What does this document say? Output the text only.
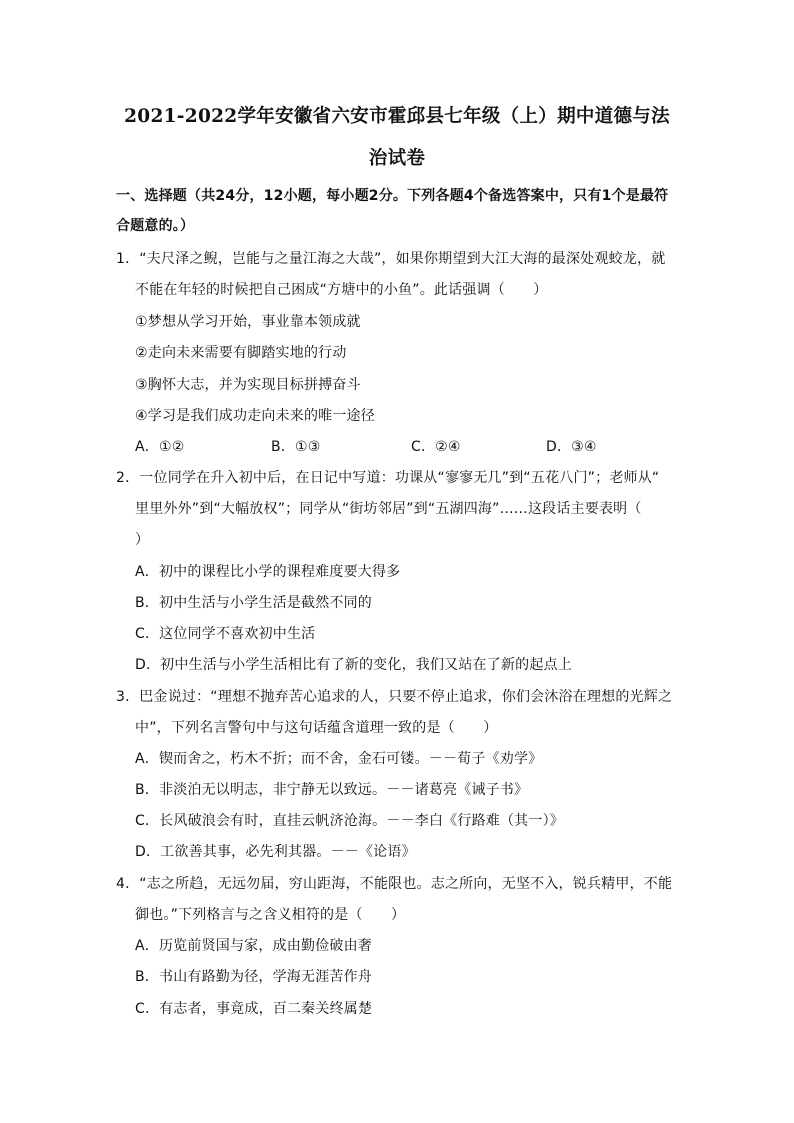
2021-2022学年安徽省六安市霍邱县七年级（上）期中道德与法
治试卷
一、选择题（共24分，12小题，每小题2分。下列各题4个备选答案中，只有1个是最符
合题意的。）
1．“夫尺泽之鲵，岂能与之量江海之大哉”，如果你期望到大江大海的最深处观蛟龙，就
不能在年轻的时候把自己困成“方塘中的小鱼”。此话强调（　　）
①梦想从学习开始，事业靠本领成就
②走向未来需要有脚踏实地的行动
③胸怀大志，并为实现目标拼搏奋斗
④学习是我们成功走向未来的唯一途径
A．①②	B．①③	C．②④	D．③④
2．一位同学在升入初中后，在日记中写道：功课从“寥寥无几”到“五花八门”；老师从“
里里外外”到“大幅放权”；同学从“街坊邻居”到“五湖四海”……这段话主要表明（
）
A．初中的课程比小学的课程难度要大得多
B．初中生活与小学生活是截然不同的
C．这位同学不喜欢初中生活
D．初中生活与小学生活相比有了新的变化，我们又站在了新的起点上
3．巴金说过：“理想不抛弃苦心追求的人，只要不停止追求，你们会沐浴在理想的光辉之
中”，下列名言警句中与这句话蕴含道理一致的是（　　）
A．锲而舍之，朽木不折；而不舍，金石可镂。－－荀子《劝学》
B．非淡泊无以明志，非宁静无以致远。－－诸葛亮《诫子书》
C．长风破浪会有时，直挂云帆济沧海。－－李白《行路难（其一）》
D．工欲善其事，必先利其器。－－《论语》
4．“志之所趋，无远勿届，穷山距海，不能限也。志之所向，无坚不入，锐兵精甲，不能
御也。”下列格言与之含义相符的是（　　）
A．历览前贤国与家，成由勤俭破由奢
B．书山有路勤为径，学海无涯苦作舟
C．有志者，事竟成，百二秦关终属楚
